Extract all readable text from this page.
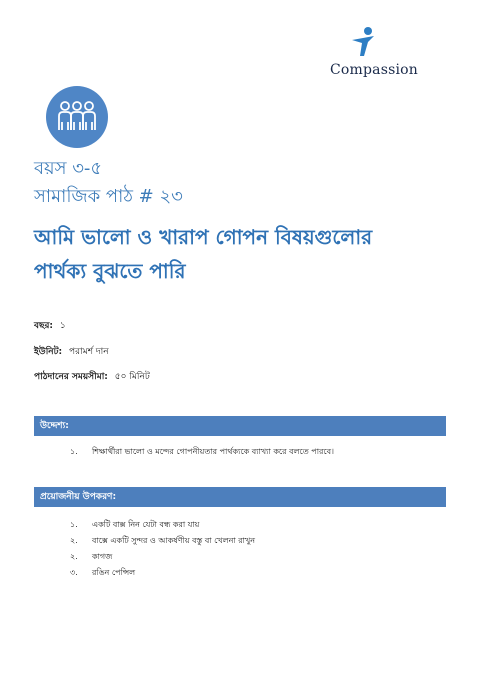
Compassion
বয়স ৩-৫
সামাজিক পাঠ # ২৩
আমি ভালো ও খারাপ গোপন বিষয়গুলোর
পার্থক্য বুঝতে পারি
বছর: ১
ইউনিট: পরামর্শ দান
পাঠদানের সময়সীমা: ৫০ মিনিট
উদ্দেশ্য:
১.	শিক্ষার্থীরা ভালো ও মন্দের গোপনীয়তার পার্থক্যকে ব্যাখ্যা করে বলতে পারবে।
প্রয়োজনীয় উপকরণ:
১.	একটি বাক্স নিন যেটা বন্ধ করা যায়
২.	বাক্সে একটি সুন্দর ও আকর্ষণীয় বস্তু বা খেলনা রাখুন
২.	কাগজ
৩.	রঙিন পেন্সিল
